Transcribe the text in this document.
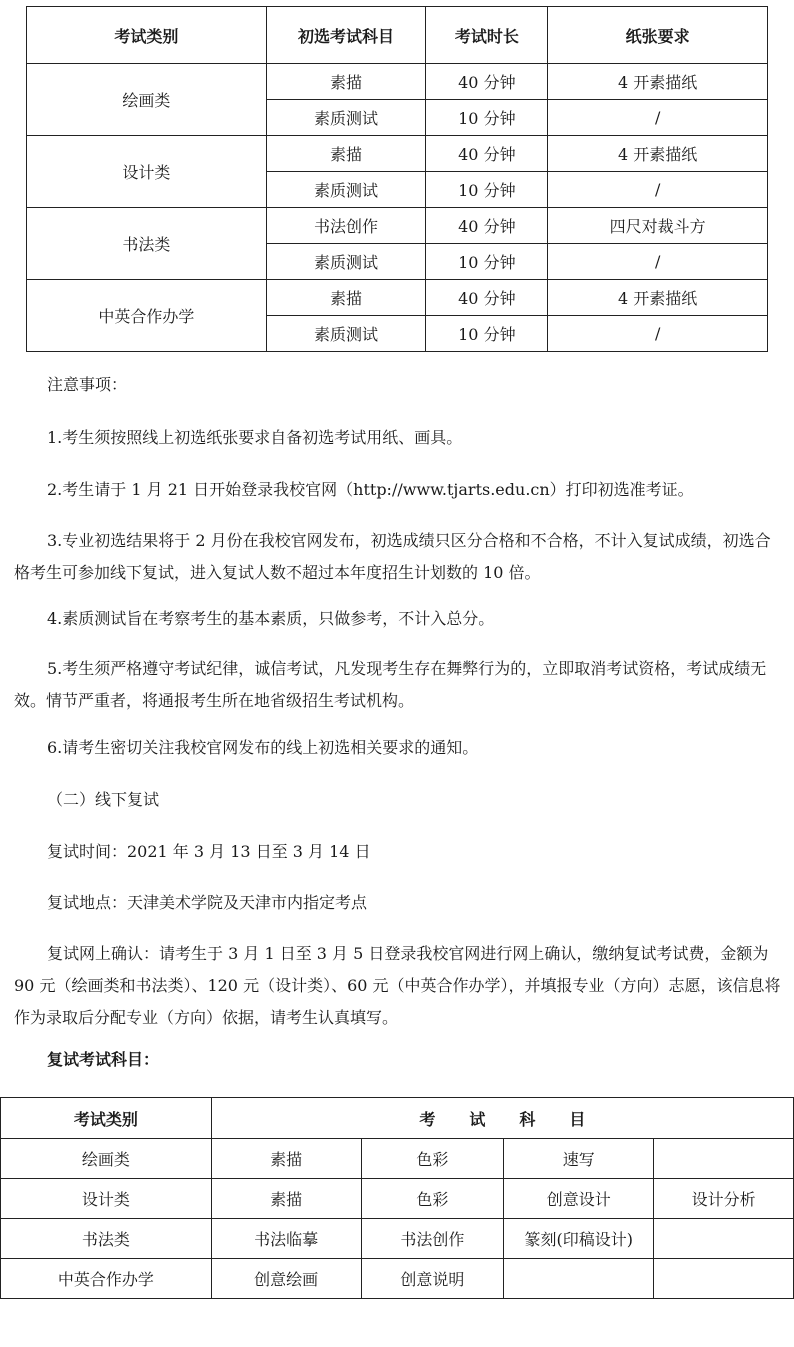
考试类别	初选考试科目	考试时长	纸张要求
绘画类	素描	40 分钟	4 开素描纸
	素质测试	10 分钟	/
设计类	素描	40 分钟	4 开素描纸
	素质测试	10 分钟	/
书法类	书法创作	40 分钟	四尺对裁斗方
	素质测试	10 分钟	/
中英合作办学	素描	40 分钟	4 开素描纸
	素质测试	10 分钟	/

注意事项：

1.考生须按照线上初选纸张要求自备初选考试用纸、画具。

2.考生请于 1 月 21 日开始登录我校官网（http://www.tjarts.edu.cn）打印初选准考证。

3.专业初选结果将于 2 月份在我校官网发布，初选成绩只区分合格和不合格，不计入复试成绩，初选合格考生可参加线下复试，进入复试人数不超过本年度招生计划数的 10 倍。

4.素质测试旨在考察考生的基本素质，只做参考，不计入总分。

5.考生须严格遵守考试纪律，诚信考试，凡发现考生存在舞弊行为的，立即取消考试资格，考试成绩无效。情节严重者，将通报考生所在地省级招生考试机构。

6.请考生密切关注我校官网发布的线上初选相关要求的通知。

（二）线下复试

复试时间：2021 年 3 月 13 日至 3 月 14 日

复试地点：天津美术学院及天津市内指定考点

复试网上确认：请考生于 3 月 1 日至 3 月 5 日登录我校官网进行网上确认，缴纳复试考试费，金额为 90 元（绘画类和书法类）、120 元（设计类）、60 元（中英合作办学），并填报专业（方向）志愿，该信息将作为录取后分配专业（方向）依据，请考生认真填写。

复试考试科目：

考试类别	考试科目			
绘画类	素描	色彩	速写	
设计类	素描	色彩	创意设计	设计分析
书法类	书法临摹	书法创作	篆刻(印稿设计)	
中英合作办学	创意绘画	创意说明		
